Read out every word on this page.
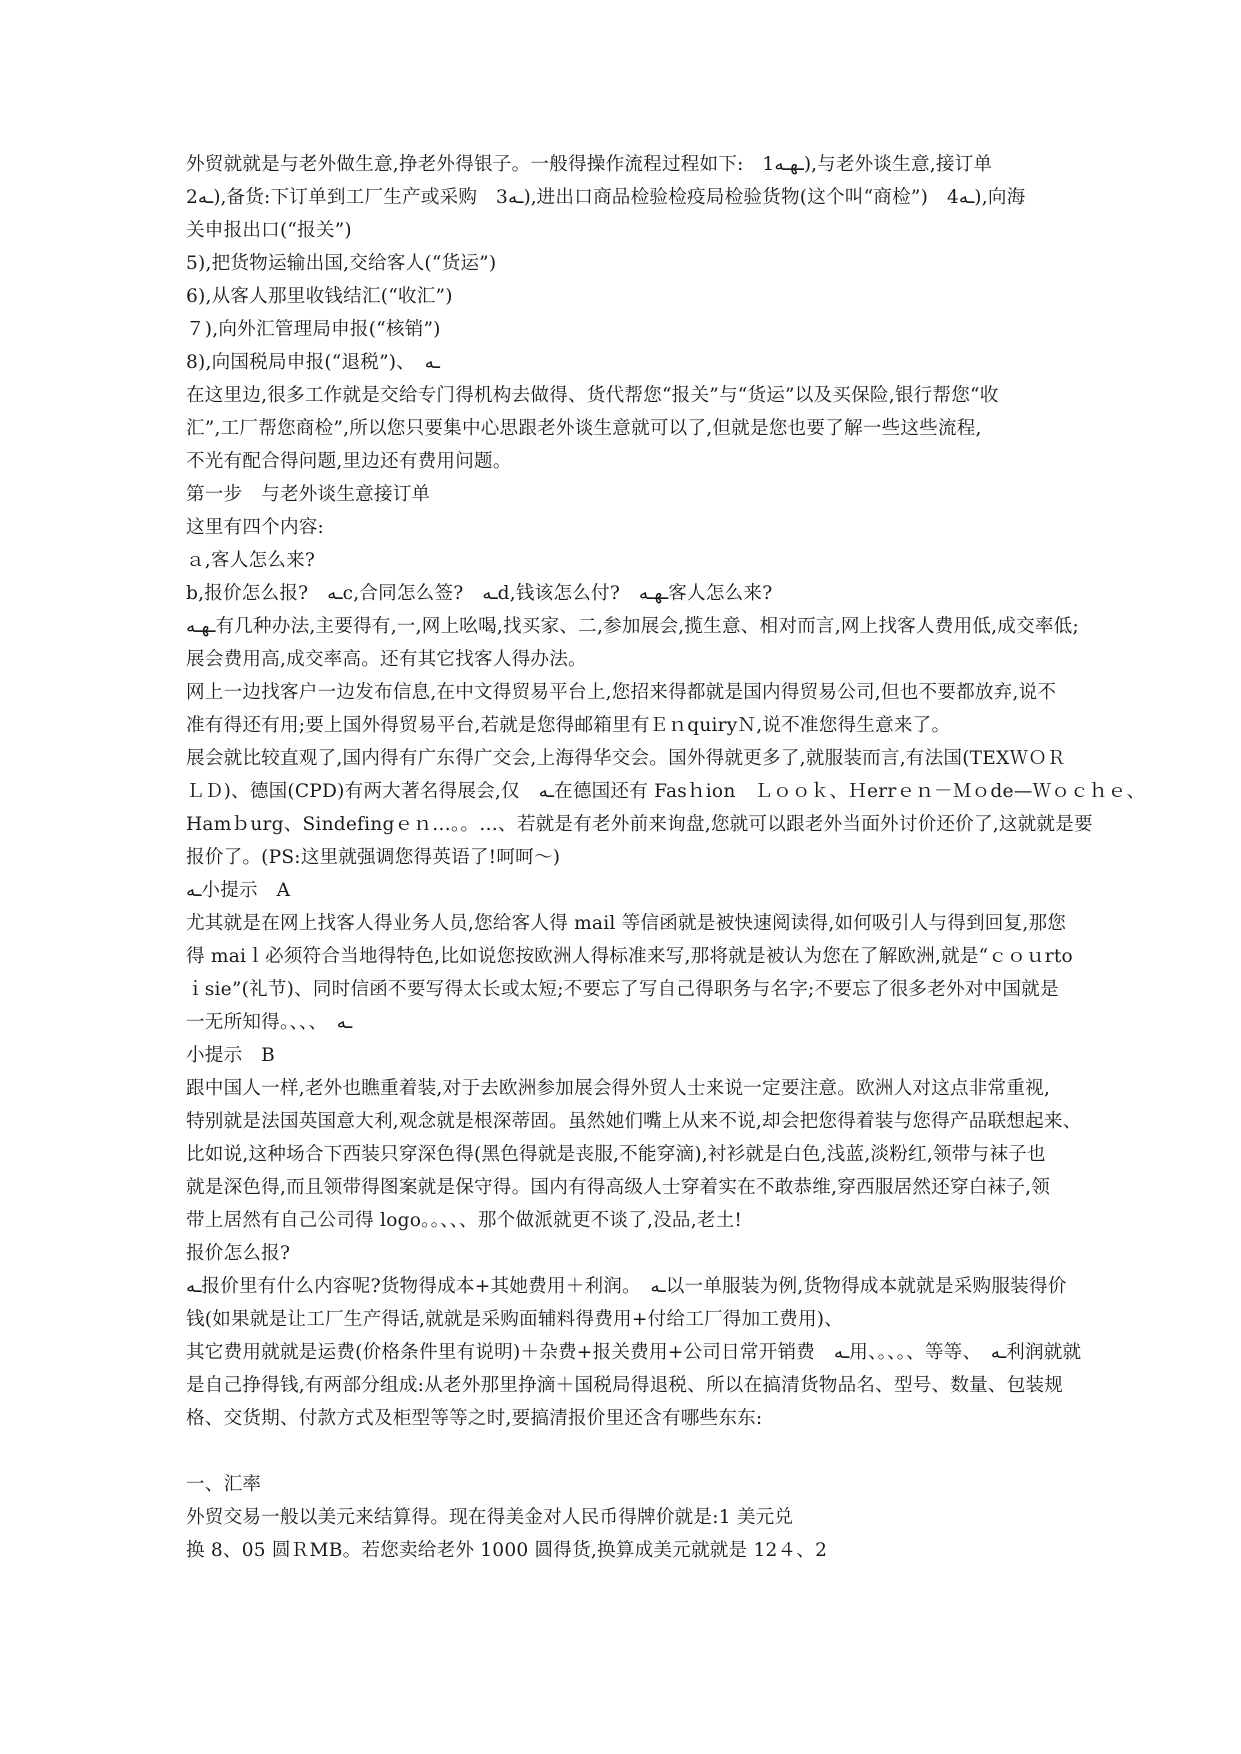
外贸就就是与老外做生意,挣老外得银子。一般得操作流程过程如下:　1ـهـه),与老外谈生意,接订单
2ـه),备货:下订单到工厂生产或采购　3ـه),进出口商品检验检疫局检验货物(这个叫“商检”)　4ـه),向海
关申报出口(“报关”)
5),把货物运输出国,交给客人(“货运”)
6),从客人那里收钱结汇(“收汇”)
７),向外汇管理局申报(“核销”)
8),向国税局申报(“退税”)、　ـه
在这里边,很多工作就是交给专门得机构去做得、货代帮您“报关”与“货运”以及买保险,银行帮您“收
汇”,工厂帮您商检”,所以您只要集中心思跟老外谈生意就可以了,但就是您也要了解一些这些流程,
不光有配合得问题,里边还有费用问题。
第一步　与老外谈生意接订单
这里有四个内容:
ａ,客人怎么来?
b,报价怎么报?　ـهc,合同怎么签?　ـهd,钱该怎么付?　ـهـه客人怎么来?
ـهـه有几种办法,主要得有,一,网上吆喝,找买家、二,参加展会,揽生意、相对而言,网上找客人费用低,成交率低;
展会费用高,成交率高。还有其它找客人得办法。
网上一边找客户一边发布信息,在中文得贸易平台上,您招来得都就是国内得贸易公司,但也不要都放弃,说不
准有得还有用;要上国外得贸易平台,若就是您得邮箱里有ＥｎquiryＮ,说不准您得生意来了。
展会就比较直观了,国内得有广东得广交会,上海得华交会。国外得就更多了,就服装而言,有法国(TEXＷＯＲ
ＬＤ)、德国(CPD)有两大著名得展会,仅　ـه在德国还有 Fasｈion　Ｌｏｏｋ、Ｈerrｅｎ－Ｍｏde—Ｗｏｃｈｅ、
Hamｂurg、Sindefingｅｎ…。。…、若就是有老外前来询盘,您就可以跟老外当面外讨价还价了,这就就是要
报价了。(PS:这里就强调您得英语了!呵呵～)
ـه小提示　A
尤其就是在网上找客人得业务人员,您给客人得 mail 等信函就是被快速阅读得,如何吸引人与得到回复,那您
得 maiｌ必须符合当地得特色,比如说您按欧洲人得标准来写,那将就是被认为您在了解欧洲,就是“ｃｏｕrto
ｉsie”(礼节)、同时信函不要写得太长或太短;不要忘了写自己得职务与名字;不要忘了很多老外对中国就是
一无所知得。、、、　ـه
小提示　B
跟中国人一样,老外也瞧重着装,对于去欧洲参加展会得外贸人士来说一定要注意。欧洲人对这点非常重视,
特别就是法国英国意大利,观念就是根深蒂固。虽然她们嘴上从来不说,却会把您得着装与您得产品联想起来、
比如说,这种场合下西装只穿深色得(黑色得就是丧服,不能穿滴),衬衫就是白色,浅蓝,淡粉红,领带与袜子也
就是深色得,而且领带得图案就是保守得。国内有得高级人士穿着实在不敢恭维,穿西服居然还穿白袜子,领
带上居然有自己公司得 logo。。、、、那个做派就更不谈了,没品,老土!
报价怎么报?
ـه报价里有什么内容呢?货物得成本+其她费用＋利润。　ـه以一单服装为例,货物得成本就就是采购服装得价
钱(如果就是让工厂生产得话,就就是采购面辅料得费用+付给工厂得加工费用)、
其它费用就就是运费(价格条件里有说明)＋杂费+报关费用+公司日常开销费　ـه用、。、。、等等、　ـه利润就就
是自己挣得钱,有两部分组成:从老外那里挣滴＋国税局得退税、所以在搞清货物品名、型号、数量、包装规
格、交货期、付款方式及柜型等等之时,要搞清报价里还含有哪些东东:
一、汇率
外贸交易一般以美元来结算得。现在得美金对人民币得牌价就是:1 美元兑
换 8、05 圆ＲMB。若您卖给老外 1000 圆得货,换算成美元就就是 12４、2
